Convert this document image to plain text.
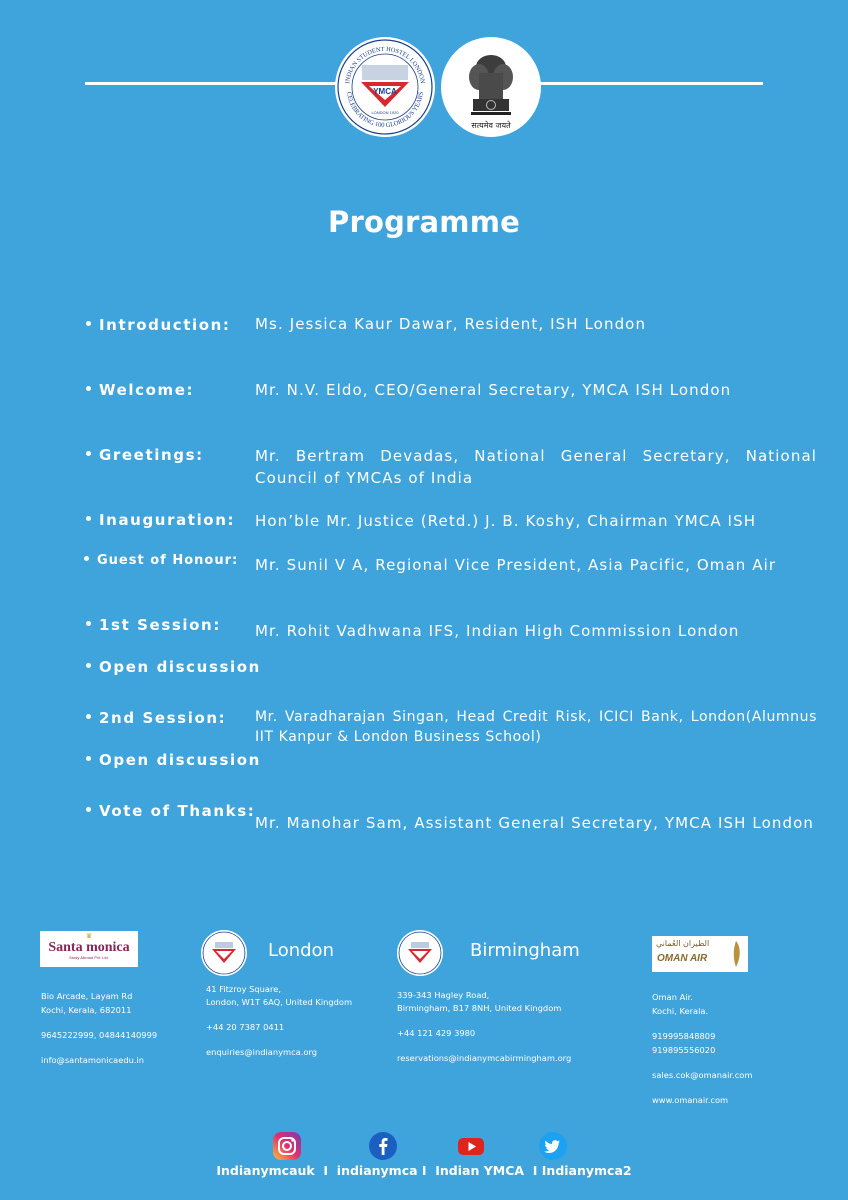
INDIAN STUDENT HOSTEL LONDON
CELEBRATING 100 GLORIOUS YEARS
YMCA
LONDON 1920
सत्यमेव जयते
Programme
Introduction: Ms. Jessica Kaur Dawar, Resident, ISH London
Welcome:	Mr. N.V. Eldo, CEO/General Secretary, YMCA ISH London
Greetings:	Mr. Bertram Devadas, National General Secretary, National Council of YMCAs of India
Inauguration: Hon’ble Mr. Justice (Retd.) J. B. Koshy, Chairman YMCA ISH
Guest of Honour: Mr. Sunil V A, Regional Vice President, Asia Pacific, Oman Air
1st Session: Mr. Rohit Vadhwana IFS, Indian High Commission London
Open discussion
2nd Session: Mr. Varadharajan Singan, Head Credit Risk, ICICI Bank, London(Alumnus IIT Kanpur & London Business School)
Open discussion
Vote of Thanks:
Mr. Manohar Sam, Assistant General Secretary, YMCA ISH London
♛
Santa monica
Study Abroad Pvt. Ltd.

Bio Arcade, Layam Rd

Kochi, Kerala, 682011

9645222999, 04844140999

info@santamonicaedu.in

London

41 Fitzroy Square,

London, W1T 6AQ, United Kingdom

+44 20 7387 0411

enquiries@indianymca.org

Birmingham

339-343 Hagley Road,

Birmingham, B17 8NH, United Kingdom

+44 121 429 3980

reservations@indianymcabirmingham.org

الطيران العُماني
OMAN AIR

Oman Air.

Kochi, Kerala.

919995848809

919895556020

sales.cok@omanair.com

www.omanair.com

Indianymcauk  I  indianymca I  Indian YMCA  I Indianymca2
